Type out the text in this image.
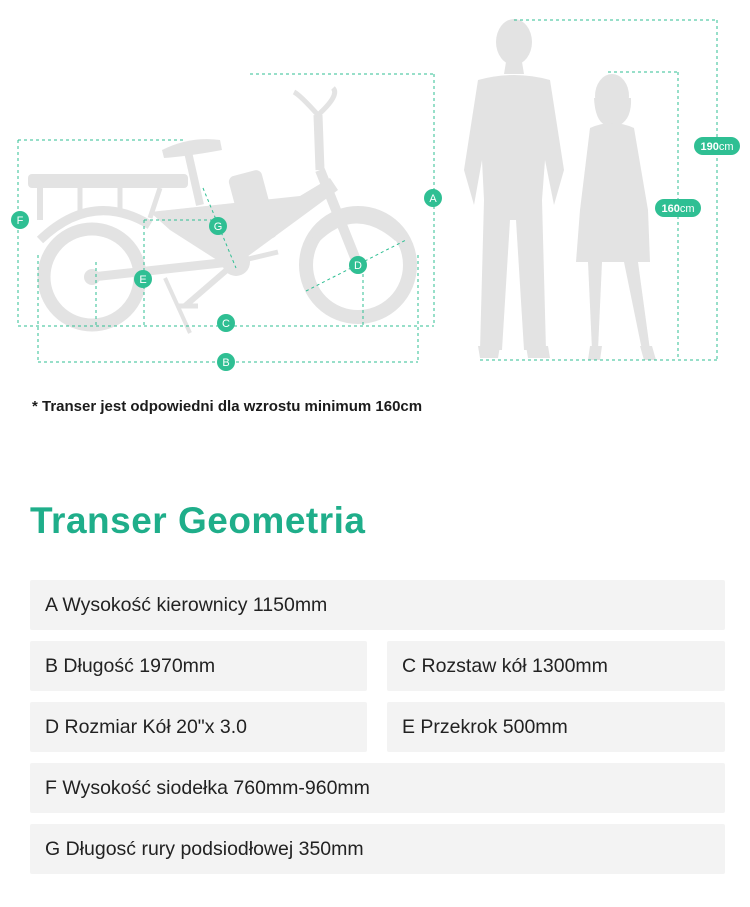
A
B
C
D
E
F	G
190cm
160cm
* Transer jest odpowiedni dla wzrostu minimum 160cm
Transer Geometria
A Wysokość kierownicy 1150mm
B Długość 1970mm	C Rozstaw kół 1300mm
D Rozmiar Kół 20"x 3.0	E Przekrok 500mm
F Wysokość siodełka 760mm-960mm
G Długosć rury podsiodłowej 350mm
